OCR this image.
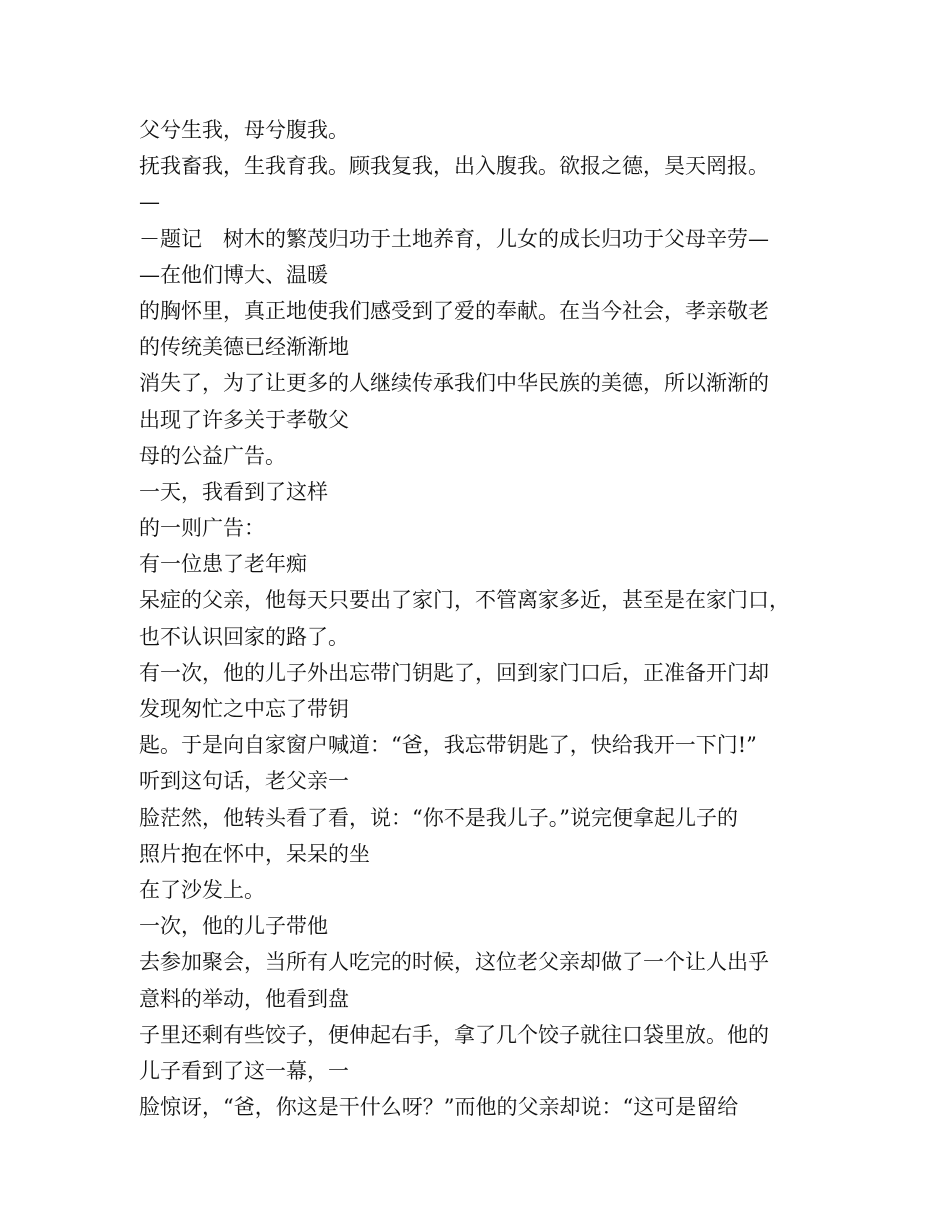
父兮生我，母兮腹我。
抚我畜我，生我育我。顾我复我，出入腹我。欲报之德，昊天罔报。
—
－题记　树木的繁茂归功于土地养育，儿女的成长归功于父母辛劳—
—在他们博大、温暖
的胸怀里，真正地使我们感受到了爱的奉献。在当今社会，孝亲敬老
的传统美德已经渐渐地
消失了，为了让更多的人继续传承我们中华民族的美德，所以渐渐的
出现了许多关于孝敬父
母的公益广告。
一天，我看到了这样
的一则广告：
有一位患了老年痴
呆症的父亲，他每天只要出了家门，不管离家多近，甚至是在家门口，
也不认识回家的路了。
有一次，他的儿子外出忘带门钥匙了，回到家门口后，正准备开门却
发现匆忙之中忘了带钥
匙。于是向自家窗户喊道：“爸，我忘带钥匙了，快给我开一下门!”
听到这句话，老父亲一
脸茫然，他转头看了看，说：“你不是我儿子。”说完便拿起儿子的
照片抱在怀中，呆呆的坐
在了沙发上。
一次，他的儿子带他
去参加聚会，当所有人吃完的时候，这位老父亲却做了一个让人出乎
意料的举动，他看到盘
子里还剩有些饺子，便伸起右手，拿了几个饺子就往口袋里放。他的
儿子看到了这一幕，一
脸惊讶，“爸，你这是干什么呀？”而他的父亲却说：“这可是留给
